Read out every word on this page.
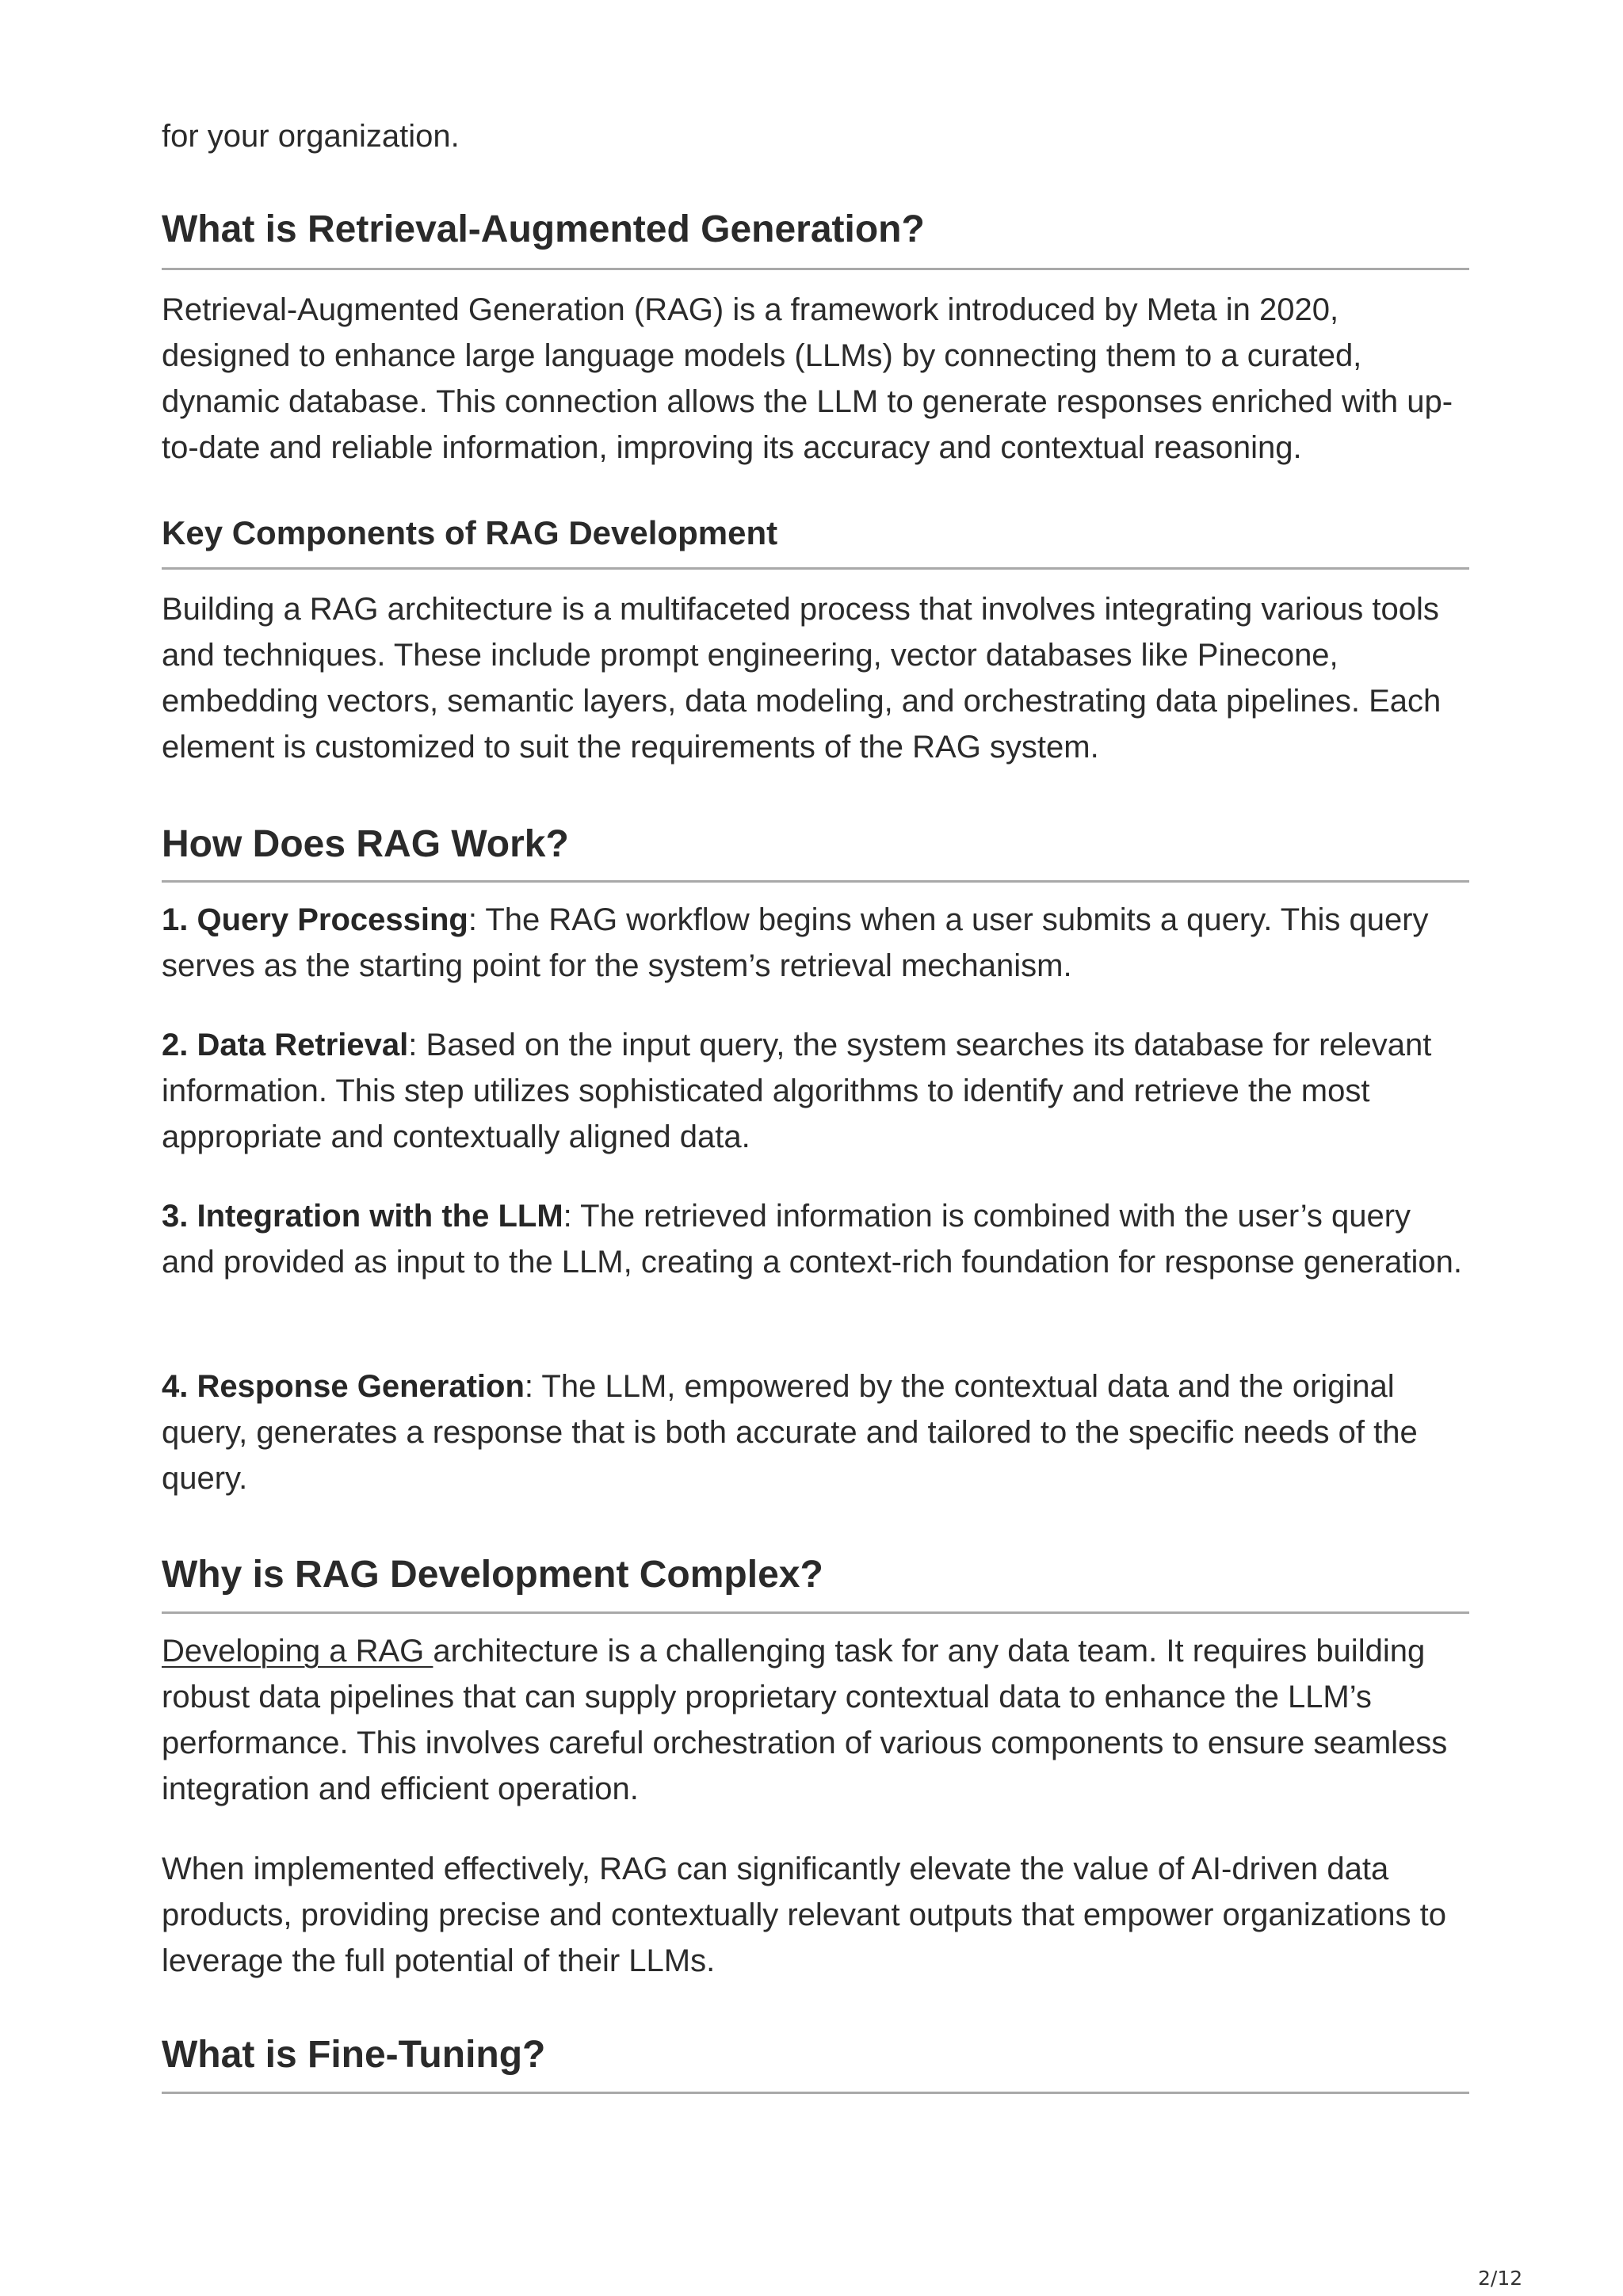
for your organization.

What is Retrieval-Augmented Generation?

Retrieval-Augmented Generation (RAG) is a framework introduced by Meta in 2020, designed to enhance large language models (LLMs) by connecting them to a curated, dynamic database. This connection allows the LLM to generate responses enriched with up-to-date and reliable information, improving its accuracy and contextual reasoning.

Key Components of RAG Development

Building a RAG architecture is a multifaceted process that involves integrating various tools and techniques. These include prompt engineering, vector databases like Pinecone, embedding vectors, semantic layers, data modeling, and orchestrating data pipelines. Each element is customized to suit the requirements of the RAG system.

How Does RAG Work?

1. Query Processing: The RAG workflow begins when a user submits a query. This query serves as the starting point for the system’s retrieval mechanism.

2. Data Retrieval: Based on the input query, the system searches its database for relevant information. This step utilizes sophisticated algorithms to identify and retrieve the most appropriate and contextually aligned data.

3. Integration with the LLM: The retrieved information is combined with the user’s query and provided as input to the LLM, creating a context-rich foundation for response generation.

4. Response Generation: The LLM, empowered by the contextual data and the original query, generates a response that is both accurate and tailored to the specific needs of the query.

Why is RAG Development Complex?

Developing a RAG architecture is a challenging task for any data team. It requires building robust data pipelines that can supply proprietary contextual data to enhance the LLM’s performance. This involves careful orchestration of various components to ensure seamless integration and efficient operation.

When implemented effectively, RAG can significantly elevate the value of AI-driven data products, providing precise and contextually relevant outputs that empower organizations to leverage the full potential of their LLMs.

What is Fine-Tuning?
2/12
